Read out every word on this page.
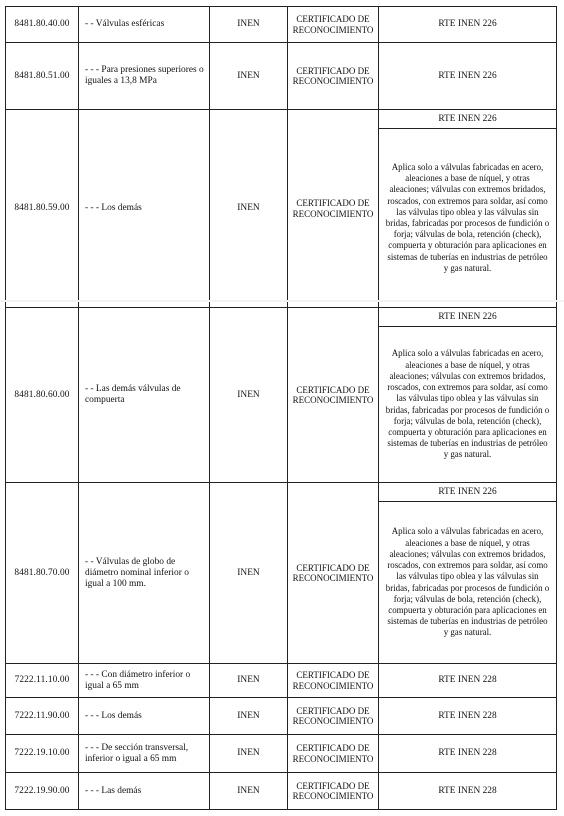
8481.80.40.00	- - Válvulas esféricas	INEN	CERTIFICADO DE RECONOCIMIENTO	RTE INEN 226

8481.80.51.00	- - - Para presiones superiores o iguales a 13,8 MPa	INEN	CERTIFICADO DE RECONOCIMIENTO	RTE INEN 226

8481.80.59.00	- - - Los demás	INEN	CERTIFICADO DE RECONOCIMIENTO	RTE INEN 226
Aplica solo a válvulas fabricadas en acero, aleaciones a base de níquel, y otras aleaciones; válvulas con extremos bridados, roscados, con extremos para soldar, así como las válvulas tipo oblea y las válvulas sin bridas, fabricadas por procesos de fundición o forja; válvulas de bola, retención (check), compuerta y obturación para aplicaciones en sistemas de tuberías en industrias de petróleo y gas natural.

8481.80.60.00	- - Las demás válvulas de compuerta	INEN	CERTIFICADO DE RECONOCIMIENTO	RTE INEN 226
Aplica solo a válvulas fabricadas en acero, aleaciones a base de níquel, y otras aleaciones; válvulas con extremos bridados, roscados, con extremos para soldar, así como las válvulas tipo oblea y las válvulas sin bridas, fabricadas por procesos de fundición o forja; válvulas de bola, retención (check), compuerta y obturación para aplicaciones en sistemas de tuberías en industrias de petróleo y gas natural.

8481.80.70.00	- - Válvulas de globo de diámetro nominal inferior o igual a 100 mm.	INEN	CERTIFICADO DE RECONOCIMIENTO	RTE INEN 226
Aplica solo a válvulas fabricadas en acero, aleaciones a base de níquel, y otras aleaciones; válvulas con extremos bridados, roscados, con extremos para soldar, así como las válvulas tipo oblea y las válvulas sin bridas, fabricadas por procesos de fundición o forja; válvulas de bola, retención (check), compuerta y obturación para aplicaciones en sistemas de tuberías en industrias de petróleo y gas natural.

7222.11.10.00	- - - Con diámetro inferior o igual a 65 mm	INEN	CERTIFICADO DE RECONOCIMIENTO	RTE INEN 228

7222.11.90.00	- - - Los demás	INEN	CERTIFICADO DE RECONOCIMIENTO	RTE INEN 228

7222.19.10.00	- - - De sección transversal, inferior o igual a 65 mm	INEN	CERTIFICADO DE RECONOCIMIENTO	RTE INEN 228

7222.19.90.00	- - - Las demás	INEN	CERTIFICADO DE RECONOCIMIENTO	RTE INEN 228
